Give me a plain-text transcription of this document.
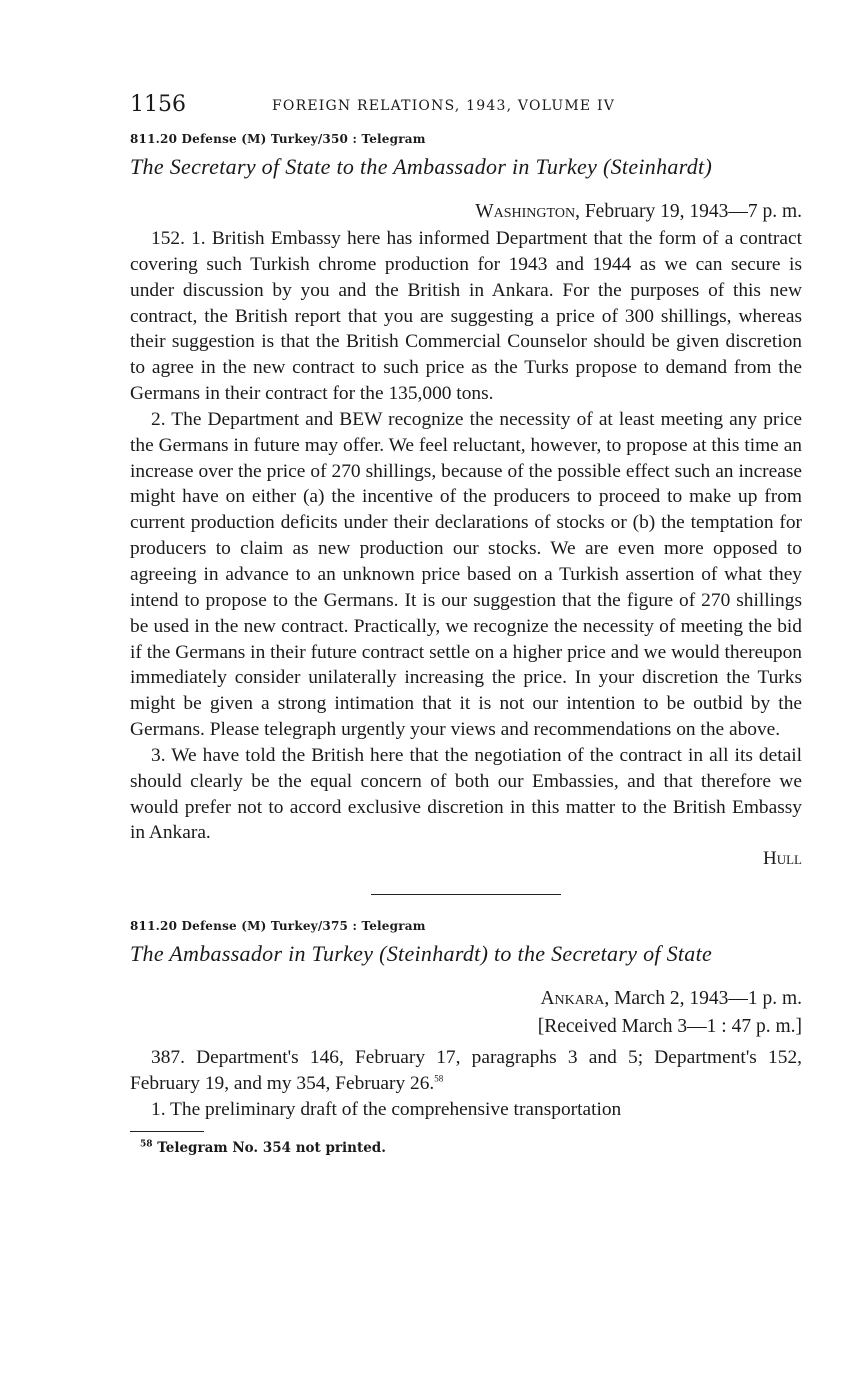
1156	FOREIGN RELATIONS, 1943, VOLUME IV
811.20 Defense (M) Turkey/350 : Telegram
The Secretary of State to the Ambassador in Turkey (Steinhardt)
Washington, February 19, 1943—7 p. m.

152. 1. British Embassy here has informed Department that the form of a contract covering such Turkish chrome production for 1943 and 1944 as we can secure is under discussion by you and the British in Ankara. For the purposes of this new contract, the British report that you are suggesting a price of 300 shillings, whereas their suggestion is that the British Commercial Counselor should be given discretion to agree in the new contract to such price as the Turks propose to demand from the Germans in their contract for the 135,000 tons.

2. The Department and BEW recognize the necessity of at least meeting any price the Germans in future may offer. We feel reluctant, however, to propose at this time an increase over the price of 270 shillings, because of the possible effect such an increase might have on either (a) the incentive of the producers to proceed to make up from current production deficits under their declarations of stocks or (b) the temptation for producers to claim as new production our stocks. We are even more opposed to agreeing in advance to an unknown price based on a Turkish assertion of what they intend to propose to the Germans. It is our suggestion that the figure of 270 shillings be used in the new contract. Practically, we recognize the necessity of meeting the bid if the Germans in their future contract settle on a higher price and we would thereupon immediately consider unilaterally increasing the price. In your discretion the Turks might be given a strong intimation that it is not our intention to be outbid by the Germans. Please telegraph urgently your views and recommendations on the above.

3. We have told the British here that the negotiation of the contract in all its detail should clearly be the equal concern of both our Embassies, and that therefore we would prefer not to accord exclusive discretion in this matter to the British Embassy in Ankara.

Hull
811.20 Defense (M) Turkey/375 : Telegram
The Ambassador in Turkey (Steinhardt) to the Secretary of State
Ankara, March 2, 1943—1 p. m.
[Received March 3—1 : 47 p. m.]

387. Department's 146, February 17, paragraphs 3 and 5; Department's 152, February 19, and my 354, February 26.58

1. The preliminary draft of the comprehensive transportation

$^{58}$ Telegram No. 354 not printed.
